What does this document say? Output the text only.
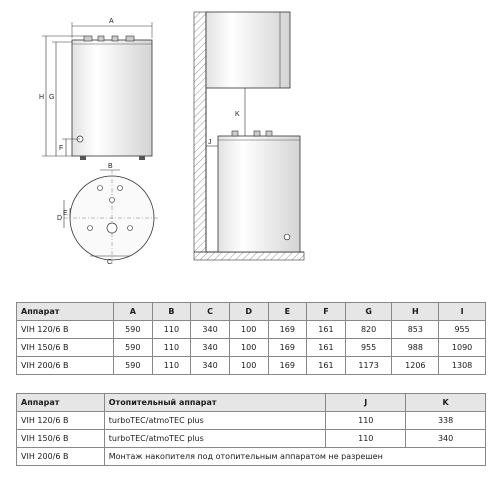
A
H G
F
B
C
D
E
K
J
Аппарат	A	B	C	D	E	F	G	H	I
VIH 120/6 B	590	110	340	100	169	161	820	853	955
VIH 150/6 B	590	110	340	100	169	161	955	988	1090
VIH 200/6 B	590	110	340	100	169	161	1173	1206	1308
Аппарат	Отопительный аппарат	J	K
VIH 120/6 B	turboTEC/atmoTEC plus	110	338
VIH 150/6 B	turboTEC/atmoTEC plus	110	340
VIH 200/6 B	Монтаж накопителя под отопительным аппаратом не разрешен		
